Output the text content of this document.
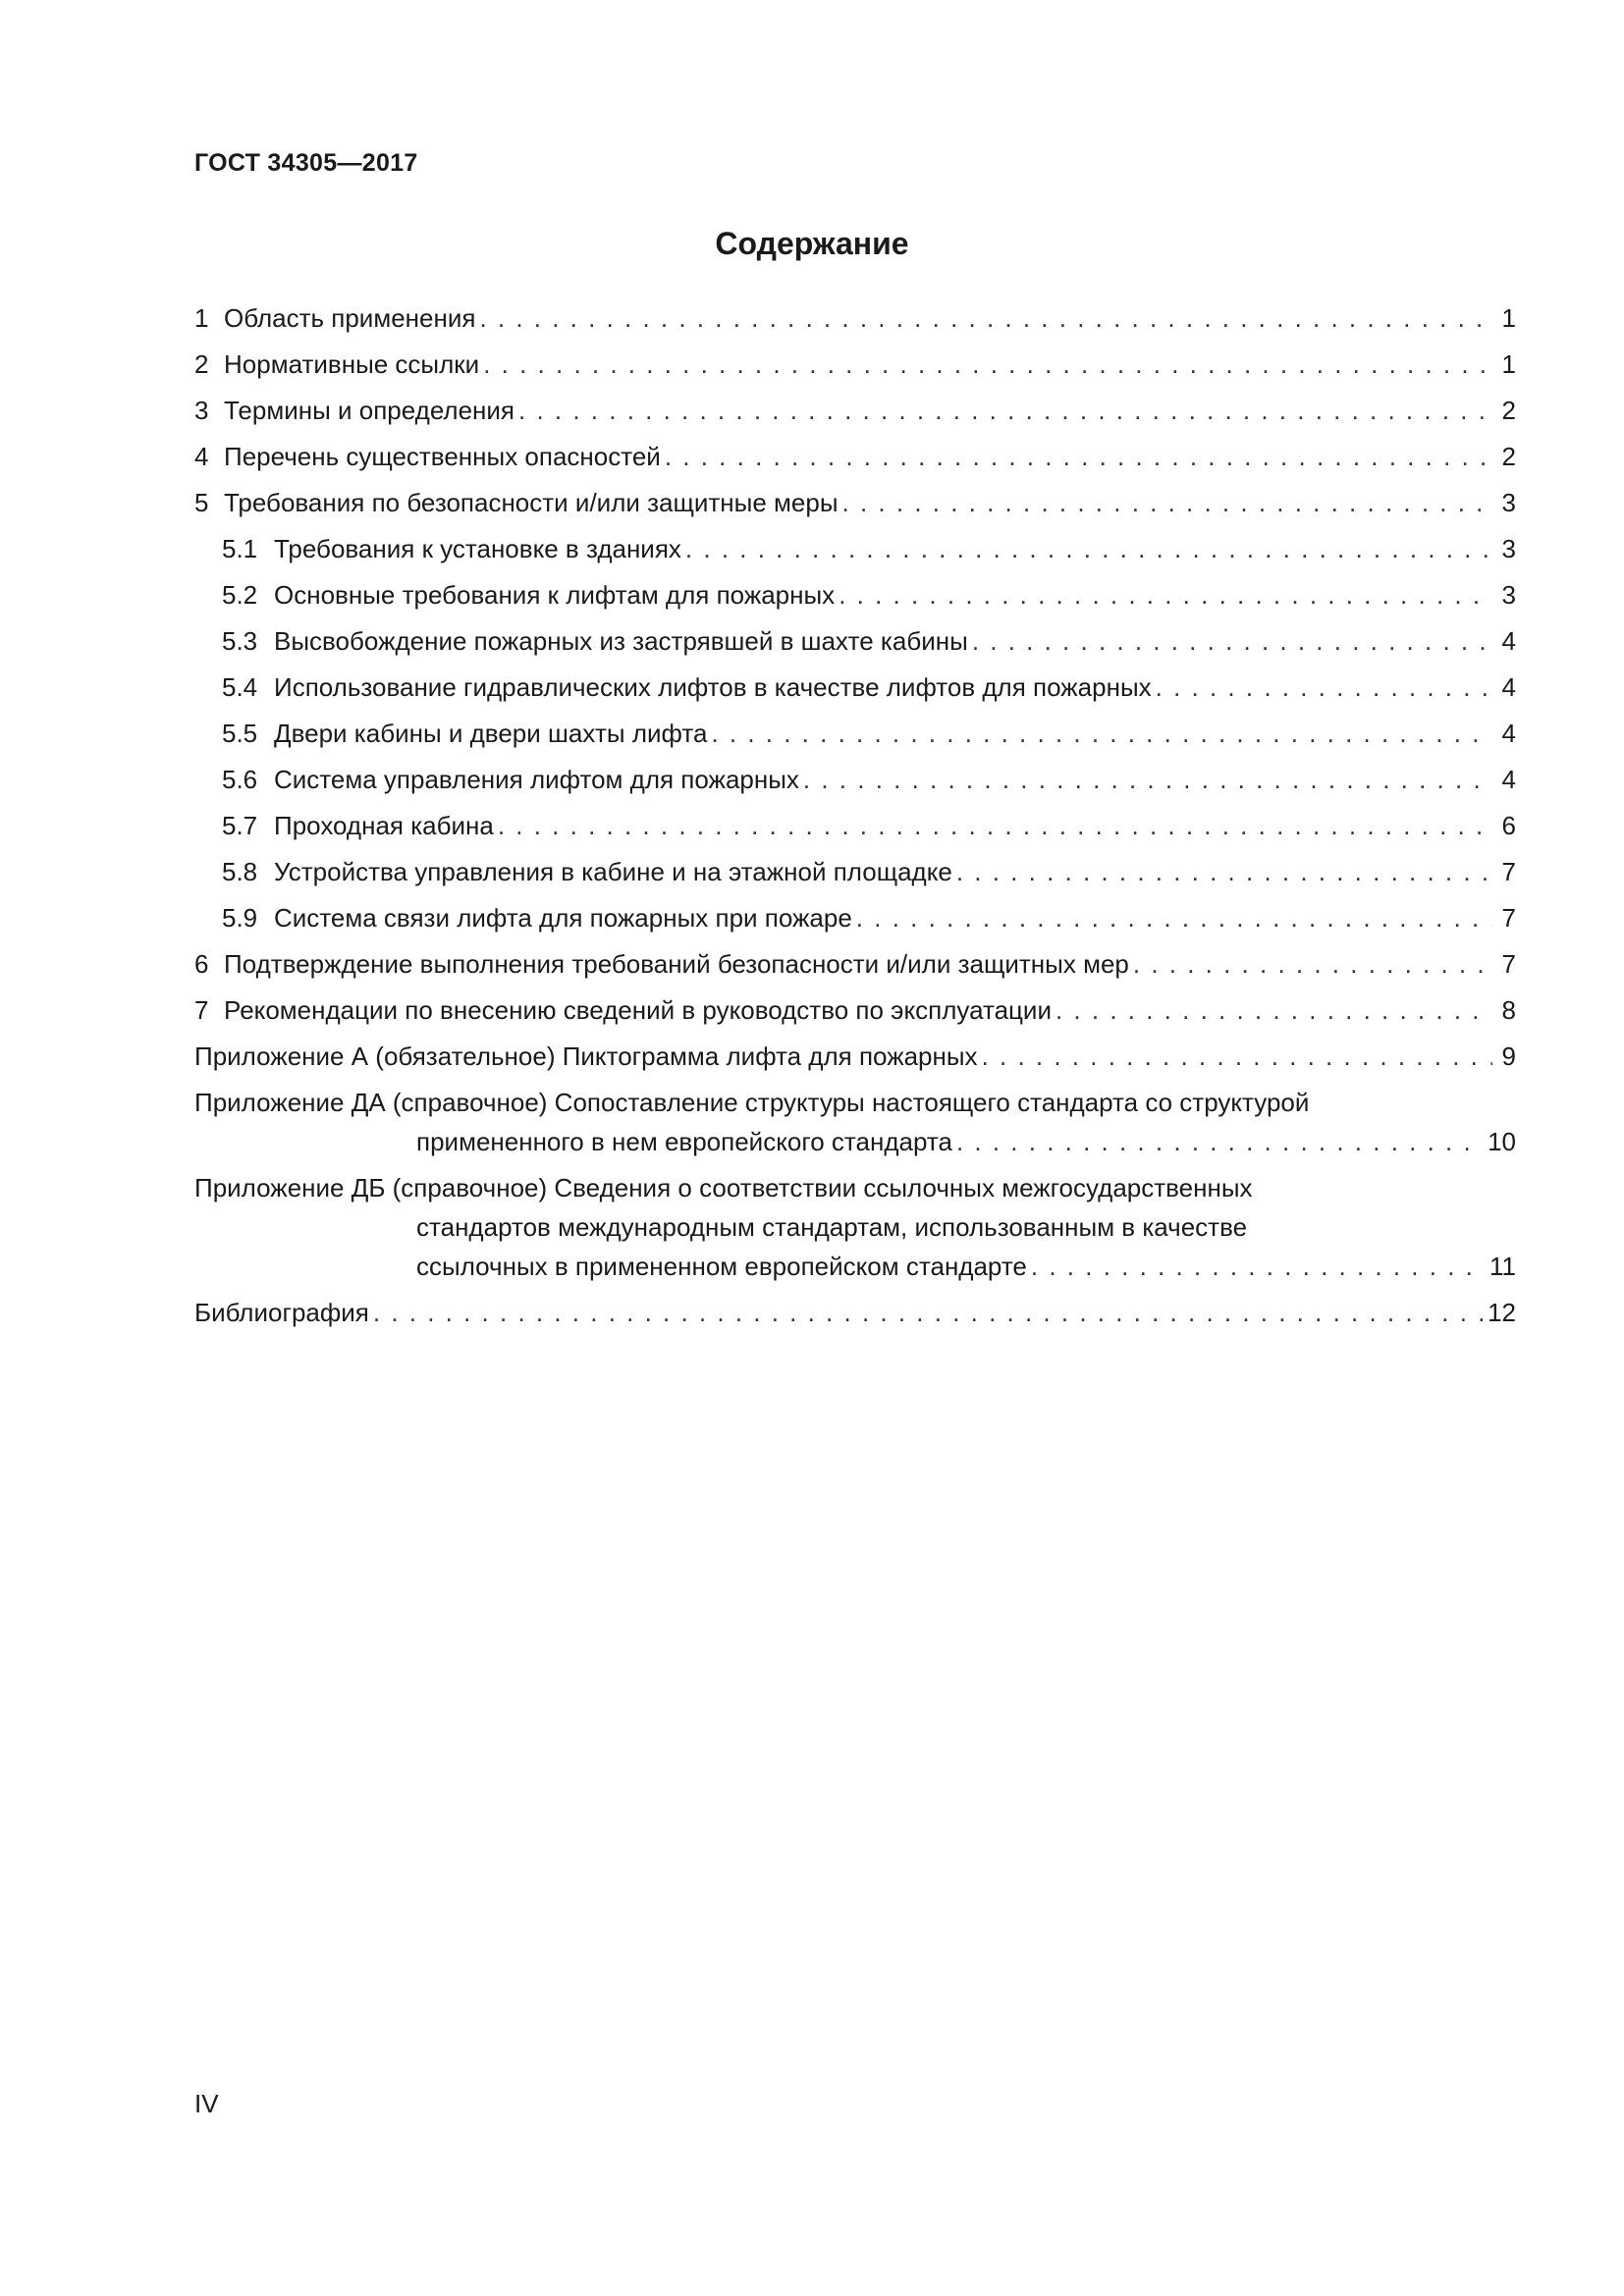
ГОСТ 34305—2017
Содержание
1 Область применения . . .	1
2 Нормативные ссылки . . .	1
3 Термины и определения . . .	2
4 Перечень существенных опасностей . . .	2
5 Требования по безопасности и/или защитные меры . . .	3
5.1 Требования к установке в зданиях . . .	3
5.2 Основные требования к лифтам для пожарных . . .	3
5.3 Высвобождение пожарных из застрявшей в шахте кабины . . .	4
5.4 Использование гидравлических лифтов в качестве лифтов для пожарных . . .	4
5.5 Двери кабины и двери шахты лифта . . .	4
5.6 Система управления лифтом для пожарных . . .	4
5.7 Проходная кабина . . .	6
5.8 Устройства управления в кабине и на этажной площадке . . .	7
5.9 Система связи лифта для пожарных при пожаре . . .	7
6 Подтверждение выполнения требований безопасности и/или защитных мер . . .	7
7 Рекомендации по внесению сведений в руководство по эксплуатации . . .	8
Приложение А (обязательное) Пиктограмма лифта для пожарных . . .	9
Приложение ДА (справочное) Сопоставление структуры настоящего стандарта со структурой
примененного в нем европейского стандарта . . .	10
Приложение ДБ (справочное) Сведения о соответствии ссылочных межгосударственных
стандартов международным стандартам, использованным в качестве
ссылочных в примененном европейском стандарте . . .	11
Библиография . . .	12
IV
